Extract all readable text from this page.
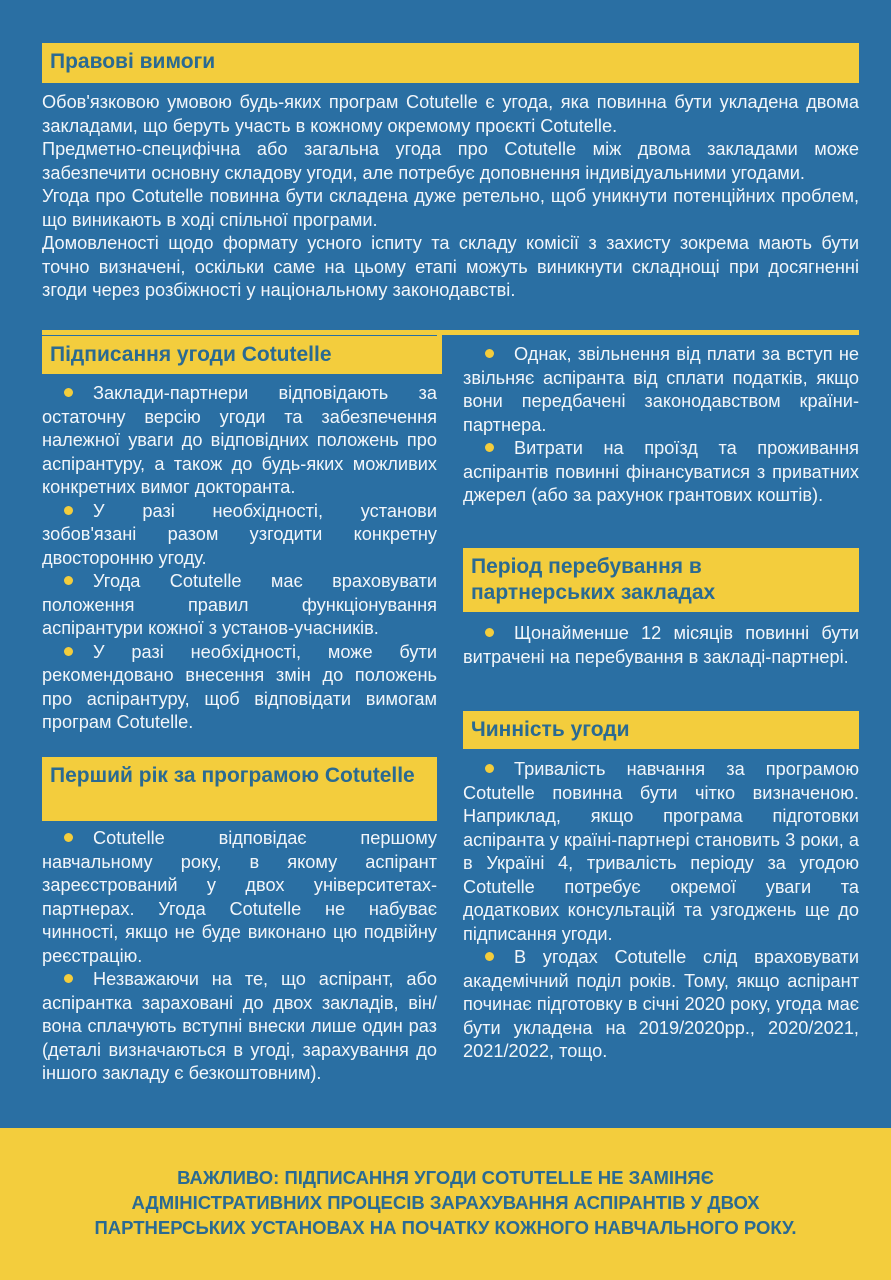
Правові вимоги

Обов'язковою умовою будь-яких програм Cotutelle є угода, яка повинна бути укладена двома закладами, що беруть участь в кожному окремому проєкті Cotutelle.

Предметно-специфічна або загальна угода про Cotutelle між двома закладами може забезпечити основну складову угоди, але потребує доповнення індивідуальними угодами.

Угода про Cotutelle повинна бути складена дуже ретельно, щоб уникнути потенційних проблем, що виникають в ході спільної програми.

Домовленості щодо формату усного іспиту та складу комісії з захисту зокрема мають бути точно визначені, оскільки саме на цьому етапі можуть виникнути складнощі при досягненні згоди через розбіжності у національному законодавстві.

Підписання угоди Cotutelle

Заклади-партнери відповідають за остаточну версію угоди та забезпечення належної уваги до відповідних положень про аспірантуру, а також до будь-яких можливих конкретних вимог докторанта.

У разі необхідності, установи зобов'язані разом узгодити конкретну двосторонню угоду.

Угода Cotutelle має враховувати положення правил функціонування аспірантури кожної з установ-учасників.

У разі необхідності, може бути рекомендовано внесення змін до положень про аспірантуру, щоб відповідати вимогам програм Cotutelle.

Перший рік за програмою Cotutelle

Cotutelle відповідає першому навчальному року, в якому аспірант зареєстрований у двох університетах-партнерах. Угода Cotutelle не набуває чинності, якщо не буде виконано цю подвійну реєстрацію.

Незважаючи на те, що аспірант, або аспірантка зараховані до двох закладів, він/вона сплачують вступні внески лише один раз (деталі визначаються в угоді, зарахування до іншого закладу є безкоштовним).

Однак, звільнення від плати за вступ не звільняє аспіранта від сплати податків, якщо вони передбачені законодавством країни-партнера.

Витрати на проїзд та проживання аспірантів повинні фінансуватися з приватних джерел (або за рахунок грантових коштів).

Період перебування в партнерських закладах

Щонайменше 12 місяців повинні бути витрачені на перебування в закладі-партнері.

Чинність угоди

Тривалість навчання за програмою Cotutelle повинна бути чітко визначеною. Наприклад, якщо програма підготовки аспіранта у країні-партнері становить 3 роки, а в Україні 4, тривалість періоду за угодою Cotutelle потребує окремої уваги та додаткових консультацій та узгоджень ще до підписання угоди.

В угодах Cotutelle слід враховувати академічний поділ років. Тому, якщо аспірант починає підготовку в січні 2020 року, угода має бути укладена на 2019/2020рр., 2020/2021, 2021/2022, тощо.

ВАЖЛИВО: ПІДПИСАННЯ УГОДИ COTUTELLE НЕ ЗАМІНЯЄ

АДМІНІСТРАТИВНИХ ПРОЦЕСІВ ЗАРАХУВАННЯ АСПІРАНТІВ У ДВОХ

ПАРТНЕРСЬКИХ УСТАНОВАХ НА ПОЧАТКУ КОЖНОГО НАВЧАЛЬНОГО РОКУ.
